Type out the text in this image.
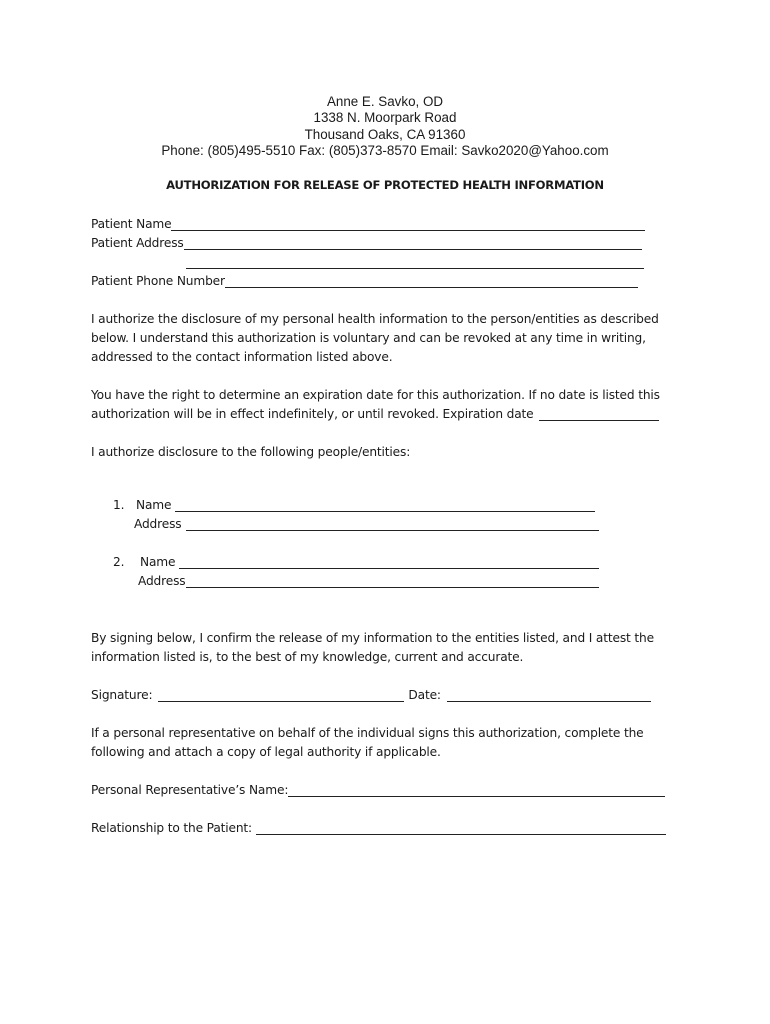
Anne E. Savko, OD
1338 N. Moorpark Road
Thousand Oaks, CA 91360
Phone: (805)495-5510 Fax: (805)373-8570 Email: Savko2020@Yahoo.com
AUTHORIZATION FOR RELEASE OF PROTECTED HEALTH INFORMATION
Patient Name
Patient Address
Patient Phone Number
I authorize the disclosure of my personal health information to the person/entities as described
below. I understand this authorization is voluntary and can be revoked at any time in writing,
addressed to the contact information listed above.
You have the right to determine an expiration date for this authorization. If no date is listed this
authorization will be in effect indefinitely, or until revoked. Expiration date
I authorize disclosure to the following people/entities:
1. Name
Address
2.	Name
Address
By signing below, I confirm the release of my information to the entities listed, and I attest the
information listed is, to the best of my knowledge, current and accurate.
Signature:	Date:
If a personal representative on behalf of the individual signs this authorization, complete the
following and attach a copy of legal authority if applicable.
Personal Representative’s Name:
Relationship to the Patient:
